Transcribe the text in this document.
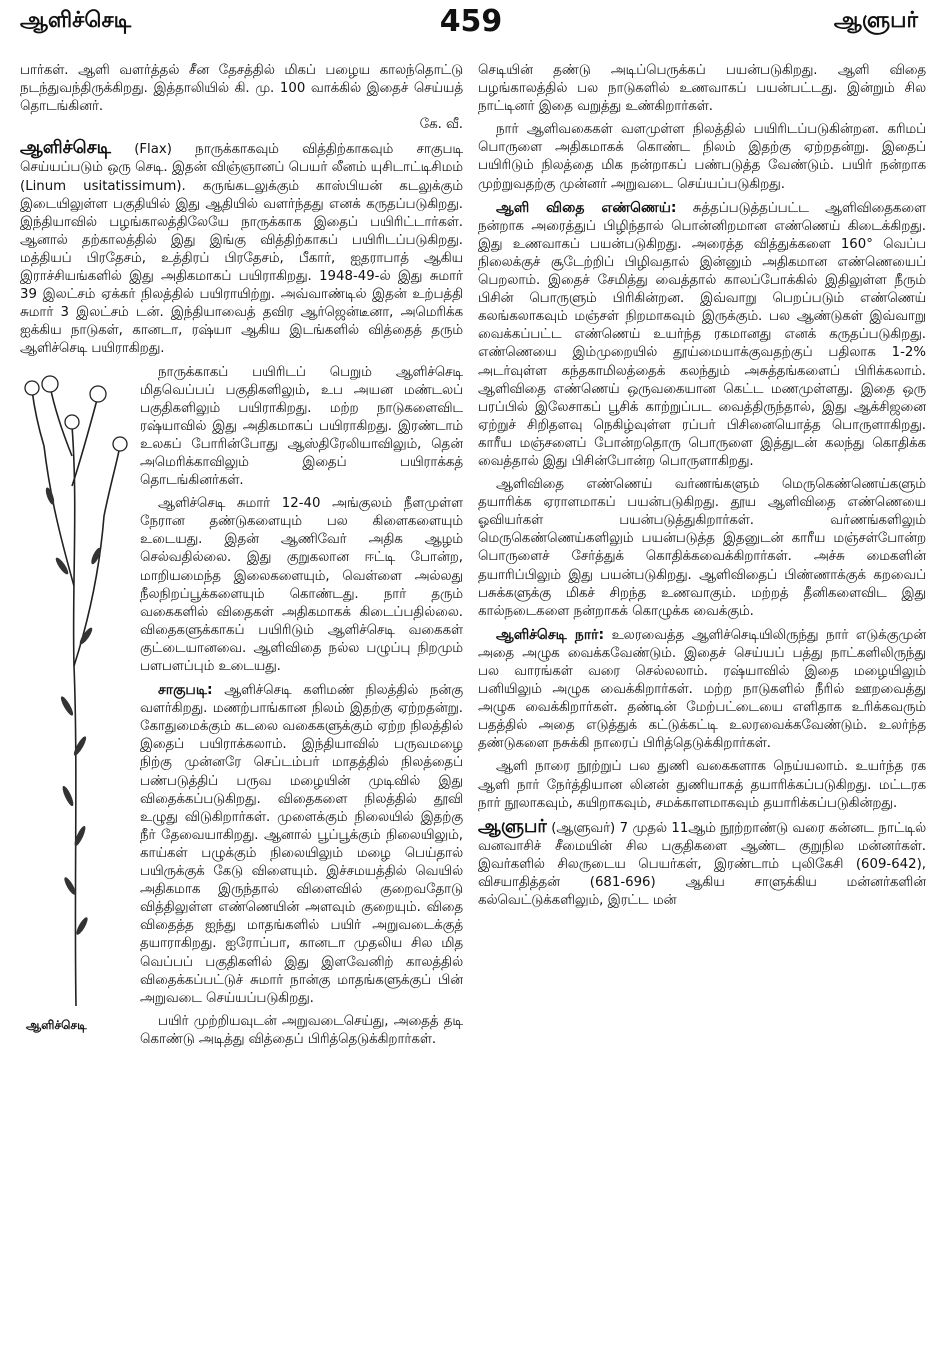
ஆளிச்செடி	459	ஆளுபர்

பார்கள். ஆளி வளர்த்தல் சீன தேசத்தில் மிகப் பழைய காலந்தொட்டு நடந்துவந்திருக்கிறது. இத்தாலியில் கி. மு. 100 வாக்கில் இதைச் செய்யத் தொடங்கினர்.
கே. வீ.

ஆளிச்செடி (Flax) நாருக்காகவும் வித்திற்காகவும் சாகுபடி செய்யப்படும் ஒரு செடி. இதன் விஞ்ஞானப் பெயர் லீனம் யுசிடாட்டிசிமம் (Linum usitatissimum). கருங்கடலுக்கும் காஸ்பியன் கடலுக்கும் இடையிலுள்ள பகுதியில் இது ஆதியில் வளர்ந்தது எனக் கருதப்படுகிறது. இந்தியாவில் பழங்காலத்திலேயே நாருக்காக இதைப் பயிரிட்டார்கள். ஆனால் தற்காலத்தில் இது இங்கு வித்திற்காகப் பயிரிடப்படுகிறது. மத்தியப் பிரதேசம், உத்திரப் பிரதேசம், பீகார், ஐதராபாத் ஆகிய இராச்சியங்களில் இது அதிகமாகப் பயிராகிறது. 1948-49-ல் இது சுமார் 39 இலட்சம் ஏக்கர் நிலத்தில் பயிராயிற்று. அவ்வாண்டில் இதன் உற்பத்தி சுமார் 3 இலட்சம் டன். இந்தியாவைத் தவிர ஆர்ஜென்டீனா, அமெரிக்க ஐக்கிய நாடுகள், கானடா, ரஷ்யா ஆகிய இடங்களில் வித்தைத் தரும் ஆளிச்செடி பயிராகிறது.

ஆளிச்செடி

நாருக்காகப் பயிரிடப் பெறும் ஆளிச்செடி மிதவெப்பப் பகுதிகளிலும், உப அயன மண்டலப் பகுதிகளிலும் பயிராகிறது. மற்ற நாடுகளைவிட ரஷ்யாவில் இது அதிகமாகப் பயிராகிறது. இரண்டாம் உலகப் போரின்போது ஆஸ்திரேலியாவிலும், தென் அமெரிக்காவிலும் இதைப் பயிராக்கத் தொடங்கினர்கள்.

ஆளிச்செடி சுமார் 12-40 அங்குலம் நீளமுள்ள நேரான தண்டுகளையும் பல கிளைகளையும் உடையது. இதன் ஆணிவேர் அதிக ஆழம் செல்வதில்லை. இது குறுகலான ஈட்டி போன்ற, மாறியமைந்த இலைகளையும், வெள்ளை அல்லது நீலநிறப்பூக்களையும் கொண்டது. நார் தரும் வகைகளில் விதைகள் அதிகமாகக் கிடைப்பதில்லை. விதைகளுக்காகப் பயிரிடும் ஆளிச்செடி வகைகள் குட்டையானவை. ஆளிவிதை நல்ல பழுப்பு நிறமும் பளபளப்பும் உடையது.

சாகுபடி: ஆளிச்செடி களிமண் நிலத்தில் நன்கு வளர்கிறது. மணற்பாங்கான நிலம் இதற்கு ஏற்றதன்று. கோதுமைக்கும் கடலை வகைகளுக்கும் ஏற்ற நிலத்தில் இதைப் பயிராக்கலாம். இந்தியாவில் பருவமழை நிற்கு முன்னரே செப்டம்பர் மாதத்தில் நிலத்தைப் பண்படுத்திப் பருவ மழையின் முடிவில் இது விதைக்கப்படுகிறது. விதைகளை நிலத்தில் தூவி உழுது விடுகிறார்கள். முளைக்கும் நிலையில் இதற்கு நீர் தேவையாகிறது. ஆனால் பூப்பூக்கும் நிலையிலும், காய்கள் பழுக்கும் நிலையிலும் மழை பெய்தால் பயிருக்குக் கேடு விளையும். இச்சமயத்தில் வெயில் அதிகமாக இருந்தால் விளைவில் குறைவதோடு வித்திலுள்ள எண்ணெயின் அளவும் குறையும். விதை விதைத்த ஐந்து மாதங்களில் பயிர் அறுவடைக்குத் தயாராகிறது. ஐரோப்பா, கானடா முதலிய சில மித வெப்பப் பகுதிகளில் இது இளவேனிற் காலத்தில் விதைக்கப்பட்டுச் சுமார் நான்கு மாதங்களுக்குப் பின் அறுவடை செய்யப்படுகிறது.

பயிர் முற்றியவுடன் அறுவடைசெய்து, அதைத் தடி கொண்டு அடித்து வித்தைப் பிரித்தெடுக்கிறார்கள்.

செடியின் தண்டு அடிப்பெருக்கப் பயன்படுகிறது. ஆளி விதை பழங்காலத்தில் பல நாடுகளில் உணவாகப் பயன்பட்டது. இன்றும் சில நாட்டினர் இதை வறுத்து உண்கிறார்கள்.

நார் ஆளிவகைகள் வளமுள்ள நிலத்தில் பயிரிடப்படுகின்றன. கரிமப் பொருளை அதிகமாகக் கொண்ட நிலம் இதற்கு ஏற்றதன்று. இதைப் பயிரிடும் நிலத்தை மிக நன்றாகப் பண்படுத்த வேண்டும். பயிர் நன்றாக முற்றுவதற்கு முன்னர் அறுவடை செய்யப்படுகிறது.

ஆளி விதை எண்ணெய்: சுத்தப்படுத்தப்பட்ட ஆளிவிதைகளை நன்றாக அரைத்துப் பிழிந்தால் பொன்னிறமான எண்ணெய் கிடைக்கிறது. இது உணவாகப் பயன்படுகிறது. அரைத்த வித்துக்களை 160° வெப்ப நிலைக்குச் சூடேற்றிப் பிழிவதால் இன்னும் அதிகமான எண்ணெயைப் பெறலாம். இதைச் சேமித்து வைத்தால் காலப்போக்கில் இதிலுள்ள நீரும் பிசின் பொருளும் பிரிகின்றன. இவ்வாறு பெறப்படும் எண்ணெய் கலங்கலாகவும் மஞ்சள் நிறமாகவும் இருக்கும். பல ஆண்டுகள் இவ்வாறு வைக்கப்பட்ட எண்ணெய் உயர்ந்த ரகமானது எனக் கருதப்படுகிறது. எண்ணெயை இம்முறையில் தூய்மையாக்குவதற்குப் பதிலாக 1-2% அடர்வுள்ள கந்தகாமிலத்தைக் கலந்தும் அசுத்தங்களைப் பிரிக்கலாம். ஆளிவிதை எண்ணெய் ஒருவகையான கெட்ட மணமுள்ளது. இதை ஒரு பரப்பில் இலேசாகப் பூசிக் காற்றுப்பட வைத்திருந்தால், இது ஆக்சிஜனை ஏற்றுச் சிறிதளவு நெகிழ்வுள்ள ரப்பர் பிசினையொத்த பொருளாகிறது. காரீய மஞ்சளைப் போன்றதொரு பொருளை இத்துடன் கலந்து கொதிக்க வைத்தால் இது பிசின்போன்ற பொருளாகிறது.

ஆளிவிதை எண்ணெய் வர்ணங்களும் மெருகெண்ணெய்களும் தயாரிக்க ஏராளமாகப் பயன்படுகிறது. தூய ஆளிவிதை எண்ணெயை ஓவியர்கள் பயன்படுத்துகிறார்கள். வர்ணங்களிலும் மெருகெண்ணெய்களிலும் பயன்படுத்த இதனுடன் காரீய மஞ்சள்போன்ற பொருளைச் சேர்த்துக் கொதிக்கவைக்கிறார்கள். அச்சு மைகளின் தயாரிப்பிலும் இது பயன்படுகிறது. ஆளிவிதைப் பிண்ணாக்குக் கறவைப் பசுக்களுக்கு மிகச் சிறந்த உணவாகும். மற்றத் தீனிகளைவிட இது கால்நடைகளை நன்றாகக் கொழுக்க வைக்கும்.

ஆளிச்செடி நார்: உலரவைத்த ஆளிச்செடியிலிருந்து நார் எடுக்குமுன் அதை அழுக வைக்கவேண்டும். இதைச் செய்யப் பத்து நாட்களிலிருந்து பல வாரங்கள் வரை செல்லலாம். ரஷ்யாவில் இதை மழையிலும் பனியிலும் அழுக வைக்கிறார்கள். மற்ற நாடுகளில் நீரில் ஊறவைத்து அழுக வைக்கிறார்கள். தண்டின் மேற்பட்டையை எளிதாக உரிக்கவரும் பதத்தில் அதை எடுத்துக் கட்டுக்கட்டி உலரவைக்கவேண்டும். உலர்ந்த தண்டுகளை நசுக்கி நாரைப் பிரித்தெடுக்கிறார்கள்.

ஆளி நாரை நூற்றுப் பல துணி வகைகளாக நெய்யலாம். உயர்ந்த ரக ஆளி நார் நேர்த்தியான லினன் துணியாகத் தயாரிக்கப்படுகிறது. மட்டரக நார் நூலாகவும், கயிறாகவும், சமக்காளமாகவும் தயாரிக்கப்படுகின்றது.

ஆளுபர் (ஆளுவர்) 7 முதல் 11ஆம் நூற்றாண்டு வரை கன்னட நாட்டில் வனவாசிச் சீமையின் சில பகுதிகளை ஆண்ட குறுநில மன்னர்கள். இவர்களில் சிலருடைய பெயர்கள், இரண்டாம் புலிகேசி (609-642), விசயாதித்தன் (681-696) ஆகிய சாளுக்கிய மன்னர்களின் கல்வெட்டுக்களிலும், இரட்ட மன்
